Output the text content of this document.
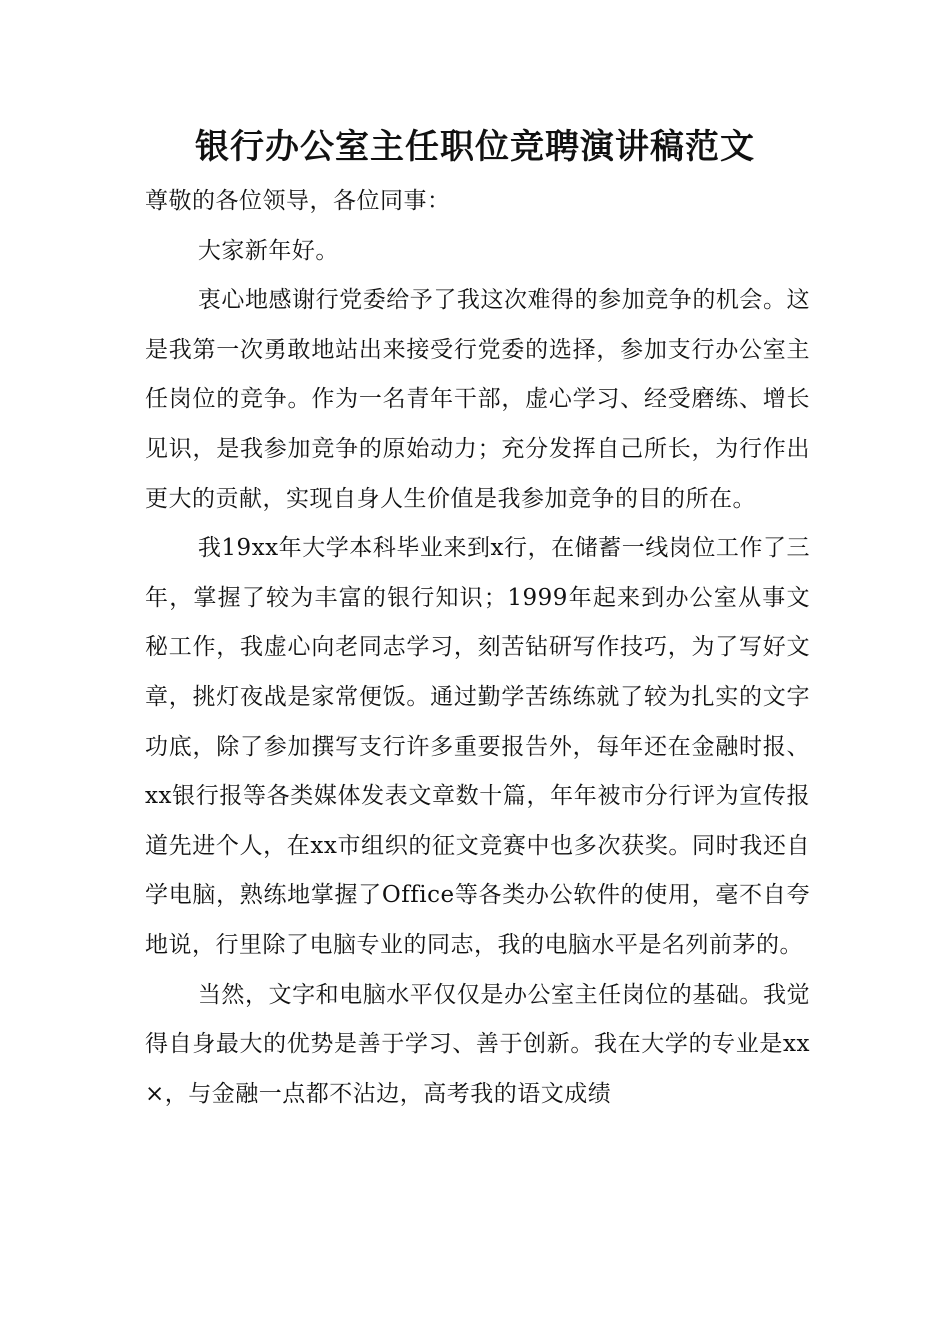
银行办公室主任职位竞聘演讲稿范文

尊敬的各位领导，各位同事：

大家新年好。

衷心地感谢行党委给予了我这次难得的参加竞争的机会。这是我第一次勇敢地站出来接受行党委的选择，参加支行办公室主任岗位的竞争。作为一名青年干部，虚心学习、经受磨练、增长见识，是我参加竞争的原始动力；充分发挥自己所长，为行作出更大的贡献，实现自身人生价值是我参加竞争的目的所在。

我19xx年大学本科毕业来到x行，在储蓄一线岗位工作了三年，掌握了较为丰富的银行知识；1999年起来到办公室从事文秘工作，我虚心向老同志学习，刻苦钻研写作技巧，为了写好文章，挑灯夜战是家常便饭。通过勤学苦练练就了较为扎实的文字功底，除了参加撰写支行许多重要报告外，每年还在金融时报、xx银行报等各类媒体发表文章数十篇，年年被市分行评为宣传报道先进个人，在xx市组织的征文竞赛中也多次获奖。同时我还自学电脑，熟练地掌握了Office等各类办公软件的使用，毫不自夸地说，行里除了电脑专业的同志，我的电脑水平是名列前茅的。

当然，文字和电脑水平仅仅是办公室主任岗位的基础。我觉得自身最大的优势是善于学习、善于创新。我在大学的专业是xx×，与金融一点都不沾边，高考我的语文成绩
